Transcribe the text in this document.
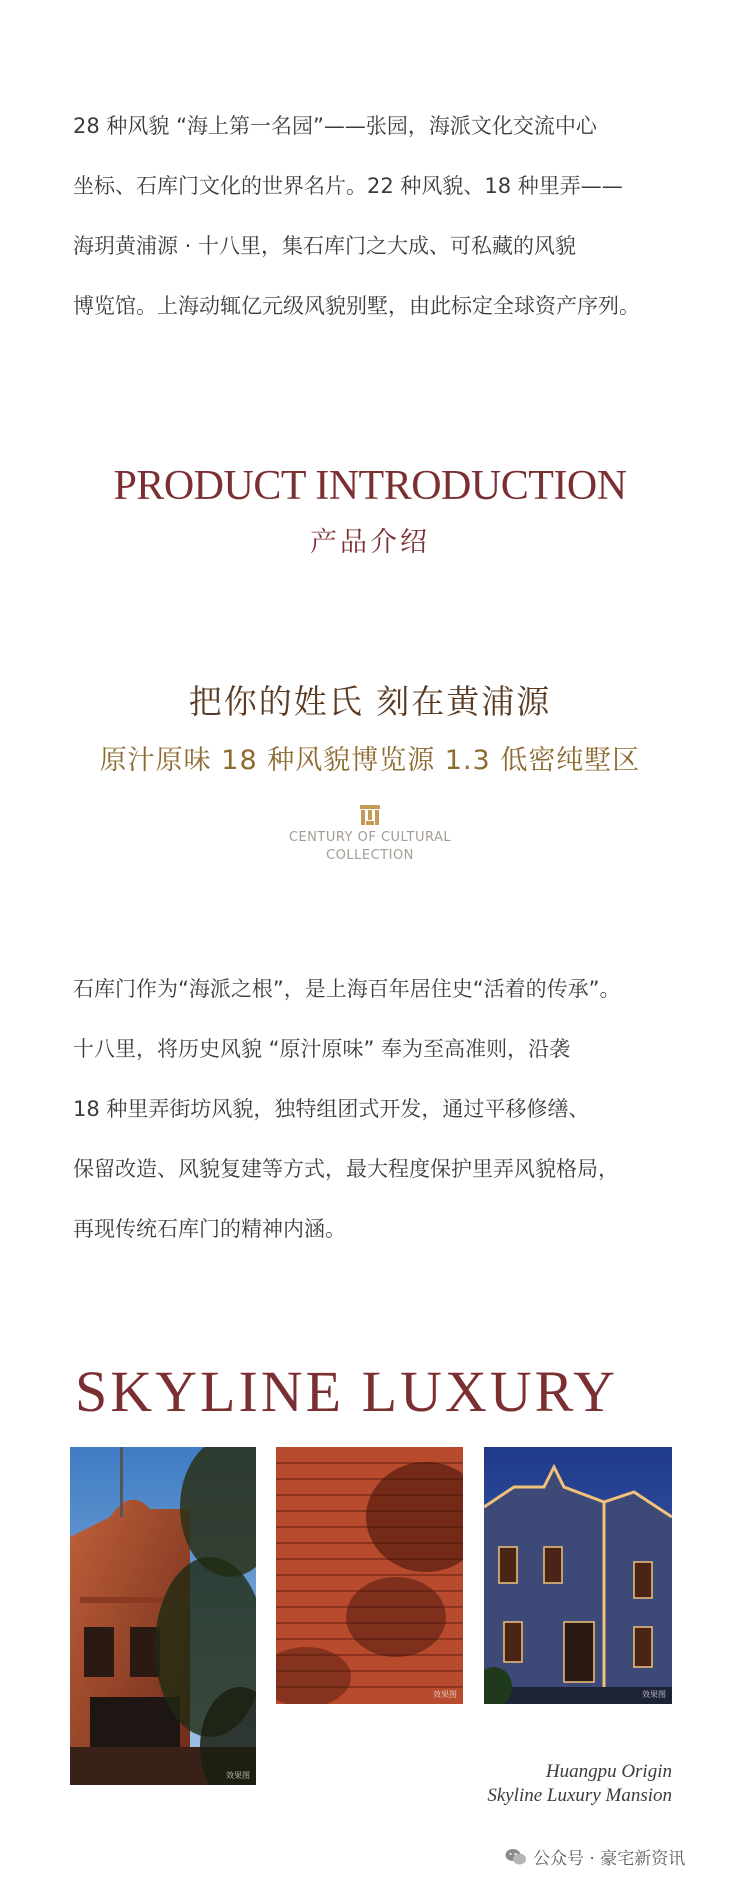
28 种风貌 “海上第一名园”——张园，海派文化交流中心
坐标、石库门文化的世界名片。22 种风貌、18 种里弄——
海玥黄浦源 · 十八里，集石库门之大成、可私藏的风貌
博览馆。上海动辄亿元级风貌别墅，由此标定全球资产序列。
PRODUCT INTRODUCTION
产品介绍
把你的姓氏 刻在黄浦源
原汁原味 18 种风貌博览源 1.3 低密纯墅区
CENTURY OF CULTURAL
COLLECTION
石库门作为“海派之根”，是上海百年居住史“活着的传承”。
十八里，将历史风貌 “原汁原味” 奉为至高准则，沿袭
18 种里弄街坊风貌，独特组团式开发，通过平移修缮、
保留改造、风貌复建等方式，最大程度保护里弄风貌格局，
再现传统石库门的精神内涵。
SKYLINE LUXURY
效果图
效果图	效果图
Huangpu Origin
Skyline Luxury Mansion
公众号 · 豪宅新资讯
